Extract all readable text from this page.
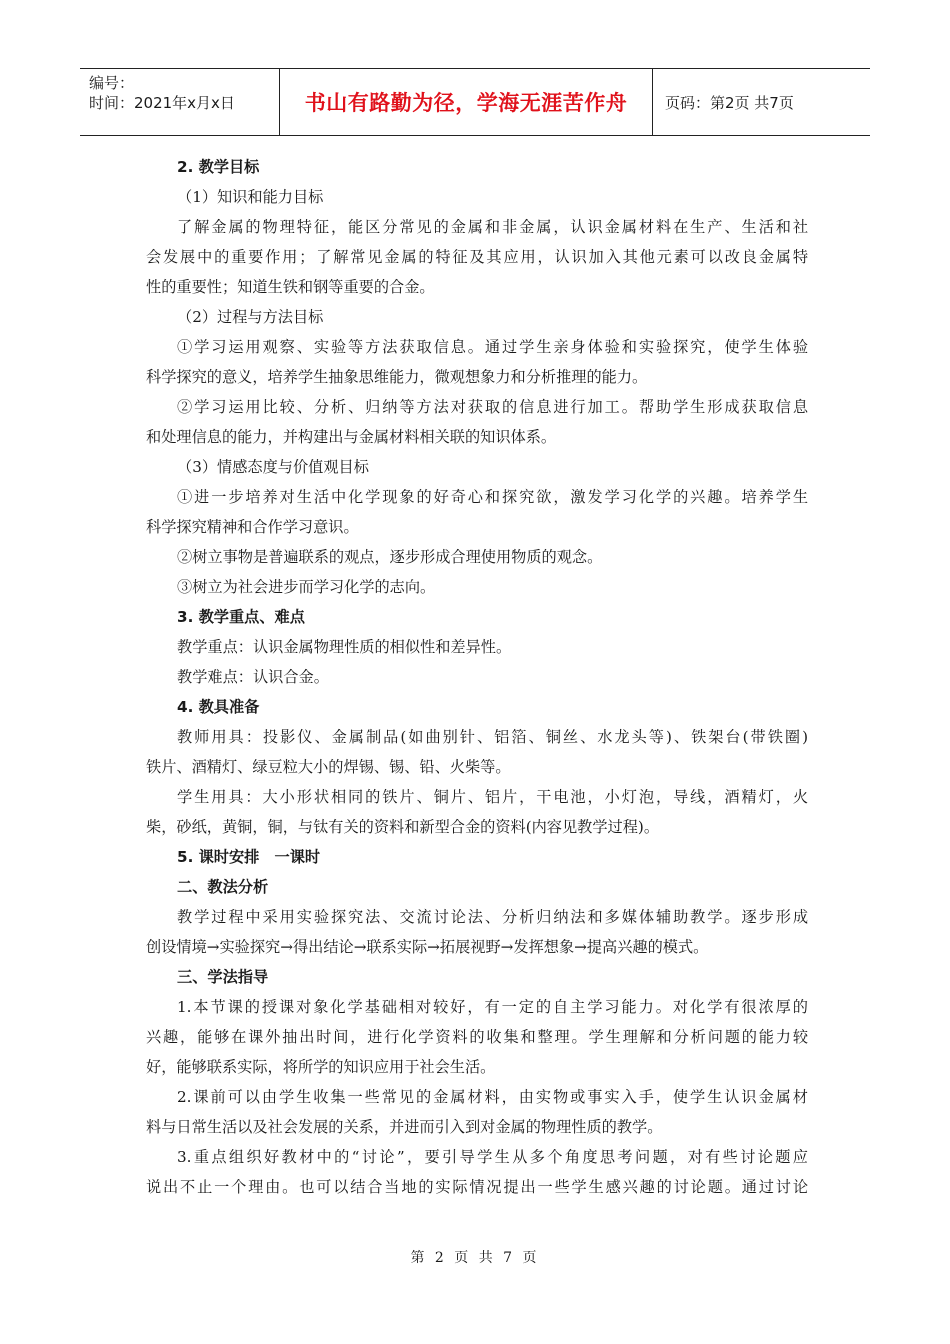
编号：
时间：2021年x月x日	书山有路勤为径，学海无涯苦作舟	页码：第2页 共7页
2. 教学目标
（1）知识和能力目标
了解金属的物理特征，能区分常见的金属和非金属，认识金属材料在生产、生活和社
会发展中的重要作用；了解常见金属的特征及其应用，认识加入其他元素可以改良金属特
性的重要性；知道生铁和钢等重要的合金。
（2）过程与方法目标
①学习运用观察、实验等方法获取信息。通过学生亲身体验和实验探究，使学生体验
科学探究的意义，培养学生抽象思维能力，微观想象力和分析推理的能力。
②学习运用比较、分析、归纳等方法对获取的信息进行加工。帮助学生形成获取信息
和处理信息的能力，并构建出与金属材料相关联的知识体系。
（3）情感态度与价值观目标
①进一步培养对生活中化学现象的好奇心和探究欲，激发学习化学的兴趣。培养学生
科学探究精神和合作学习意识。
②树立事物是普遍联系的观点，逐步形成合理使用物质的观念。
③树立为社会进步而学习化学的志向。
3. 教学重点、难点
教学重点：认识金属物理性质的相似性和差异性。
教学难点：认识合金。
4. 教具准备
教师用具：投影仪、金属制品(如曲别针、铝箔、铜丝、水龙头等)、铁架台(带铁圈)
铁片、酒精灯、绿豆粒大小的焊锡、锡、铅、火柴等。
学生用具：大小形状相同的铁片、铜片、铝片，干电池，小灯泡，导线，酒精灯，火
柴，砂纸，黄铜，铜，与钛有关的资料和新型合金的资料(内容见教学过程)。
5. 课时安排　一课时
二、教法分析
教学过程中采用实验探究法、交流讨论法、分析归纳法和多媒体辅助教学。逐步形成
创设情境→实验探究→得出结论→联系实际→拓展视野→发挥想象→提高兴趣的模式。
三、学法指导
1.本节课的授课对象化学基础相对较好，有一定的自主学习能力。对化学有很浓厚的
兴趣，能够在课外抽出时间，进行化学资料的收集和整理。学生理解和分析问题的能力较
好，能够联系实际，将所学的知识应用于社会生活。
2.课前可以由学生收集一些常见的金属材料，由实物或事实入手，使学生认识金属材
料与日常生活以及社会发展的关系，并进而引入到对金属的物理性质的教学。
3.重点组织好教材中的“讨论”，要引导学生从多个角度思考问题，对有些讨论题应
说出不止一个理由。也可以结合当地的实际情况提出一些学生感兴趣的讨论题。通过讨论
第 2 页 共 7 页
